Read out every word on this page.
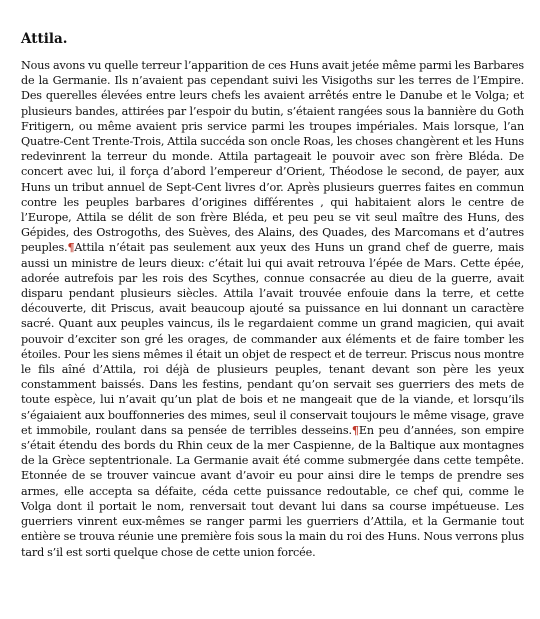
Attila.

Nous avons vu quelle terreur l’apparition de ces Huns avait jetée même parmi les Barbares de la Germanie. Ils n’avaient pas cependant suivi les Visigoths sur les terres de l’Empire. Des querelles élevées entre leurs chefs les avaient arrêtés entre le Danube et le Volga; et plusieurs bandes, attirées par l’espoir du butin, s’étaient rangées sous la bannière du Goth Fritigern, ou même avaient pris service parmi les troupes impériales. Mais lorsque, l’an Quatre-Cent Trente-Trois, Attila succéda son oncle Roas, les choses changèrent et les Huns redevinrent la terreur du monde. Attila partageait le pouvoir avec son frère Bléda. De concert avec lui, il força d’abord l’empereur d’Orient, Théodose le second, de payer, aux Huns un tribut annuel de Sept-Cent livres d’or. Après plusieurs guerres faites en commun contre les peuples barbares d’origines différentes , qui habitaient alors le centre de l’Europe, Attila se délit de son frère Bléda, et peu peu se vit seul maître des Huns, des Gépides, des Ostrogoths, des Suèves, des Alains, des Quades, des Marcomans et d’autres peuples.¶Attila n’était pas seulement aux yeux des Huns un grand chef de guerre, mais aussi un ministre de leurs dieux: c’était lui qui avait retrouva l’épée de Mars. Cette épée, adorée autrefois par les rois des Scythes, connue consacrée au dieu de la guerre, avait disparu pendant plusieurs siècles. Attila l’avait trouvée enfouie dans la terre, et cette découverte, dit Priscus, avait beaucoup ajouté sa puissance en lui donnant un caractère sacré. Quant aux peuples vaincus, ils le regardaient comme un grand magicien, qui avait pouvoir d’exciter son gré les orages, de commander aux éléments et de faire tomber les étoiles. Pour les siens mêmes il était un objet de respect et de terreur. Priscus nous montre le fils aîné d’Attila, roi déjà de plusieurs peuples, tenant devant son père les yeux constamment baissés. Dans les festins, pendant qu’on servait ses guerriers des mets de toute espèce, lui n’avait qu’un plat de bois et ne mangeait que de la viande, et lorsqu’ils s’égaiaient aux bouffonneries des mimes, seul il conservait toujours le même visage, grave et immobile, roulant dans sa pensée de terribles desseins.¶En peu d’années, son empire s’était étendu des bords du Rhin ceux de la mer Caspienne, de la Baltique aux montagnes de la Grèce septentrionale. La Germanie avait été comme submergée dans cette tempête. Etonnée de se trouver vaincue avant d’avoir eu pour ainsi dire le temps de prendre ses armes, elle accepta sa défaite, céda cette puissance redoutable, ce chef qui, comme le Volga dont il portait le nom, renversait tout devant lui dans sa course impétueuse. Les guerriers vinrent eux-mêmes se ranger parmi les guerriers d’Attila, et la Germanie tout entière se trouva réunie une première fois sous la main du roi des Huns. Nous verrons plus tard s’il est sorti quelque chose de cette union forcée.
